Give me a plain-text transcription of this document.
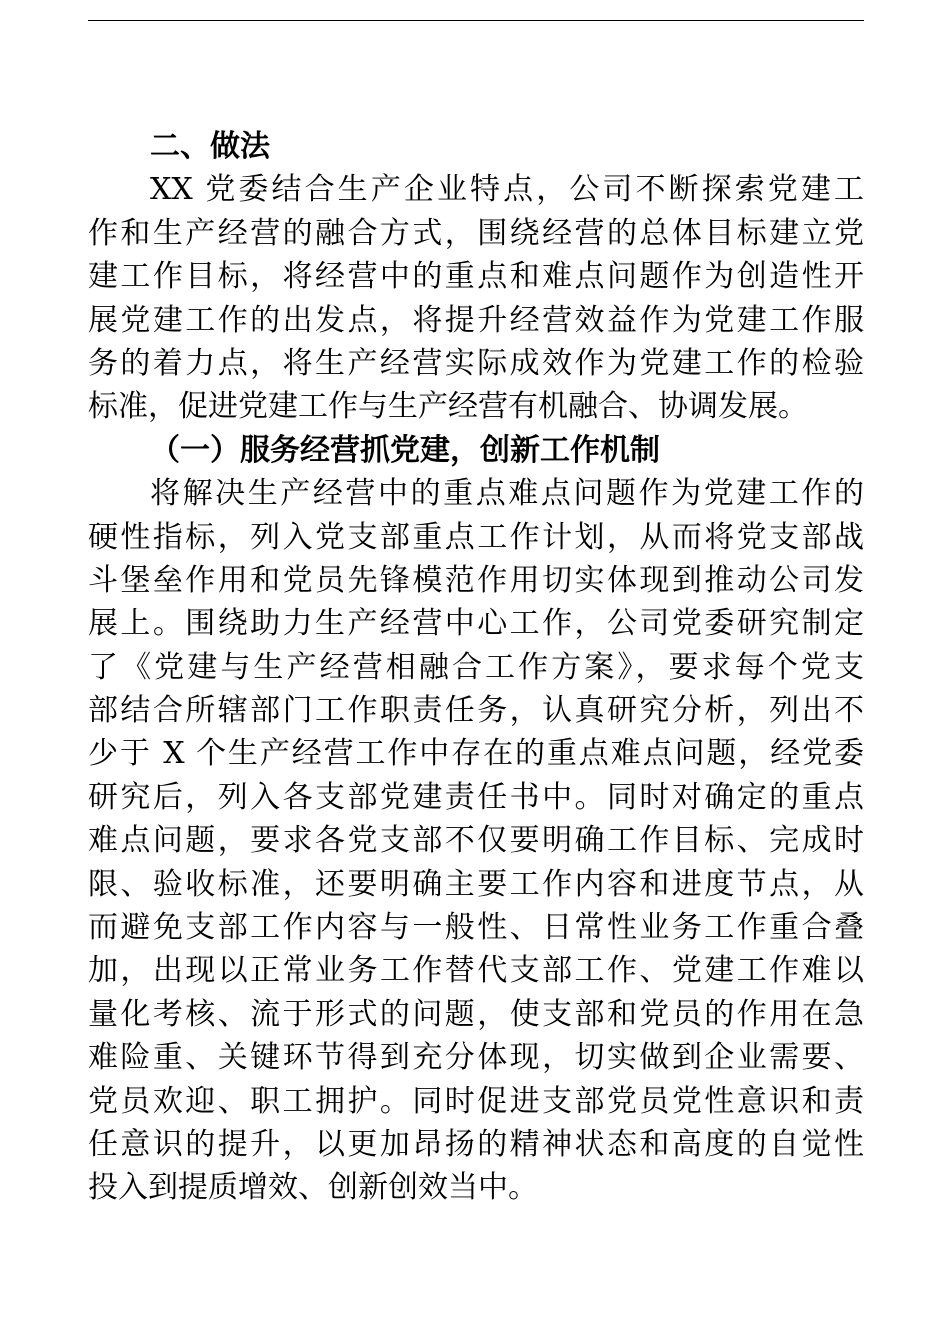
二、做法
XX 党委结合生产企业特点，公司不断探索党建工
作和生产经营的融合方式，围绕经营的总体目标建立党
建工作目标，将经营中的重点和难点问题作为创造性开
展党建工作的出发点，将提升经营效益作为党建工作服
务的着力点，将生产经营实际成效作为党建工作的检验
标准，促进党建工作与生产经营有机融合、协调发展。
（一）服务经营抓党建，创新工作机制
将解决生产经营中的重点难点问题作为党建工作的
硬性指标，列入党支部重点工作计划，从而将党支部战
斗堡垒作用和党员先锋模范作用切实体现到推动公司发
展上。围绕助力生产经营中心工作，公司党委研究制定
了《党建与生产经营相融合工作方案》，要求每个党支
部结合所辖部门工作职责任务，认真研究分析，列出不
少于 X 个生产经营工作中存在的重点难点问题，经党委
研究后，列入各支部党建责任书中。同时对确定的重点
难点问题，要求各党支部不仅要明确工作目标、完成时
限、验收标准，还要明确主要工作内容和进度节点，从
而避免支部工作内容与一般性、日常性业务工作重合叠
加，出现以正常业务工作替代支部工作、党建工作难以
量化考核、流于形式的问题，使支部和党员的作用在急
难险重、关键环节得到充分体现，切实做到企业需要、
党员欢迎、职工拥护。同时促进支部党员党性意识和责
任意识的提升，以更加昂扬的精神状态和高度的自觉性
投入到提质增效、创新创效当中。
